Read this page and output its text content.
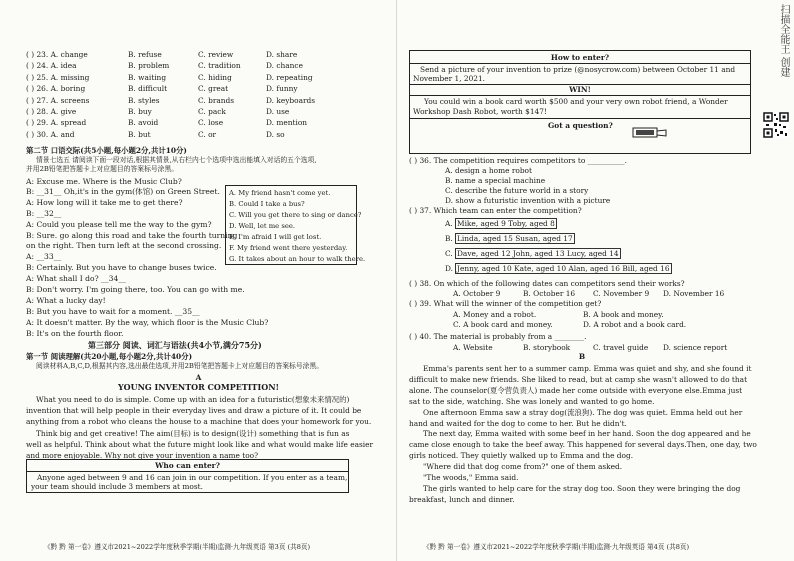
( ) 23. A. change	B. refuse	C. review	D. share
( ) 24. A. idea	B. problem	C. tradition	D. chance
( ) 25. A. missing	B. waiting	C. hiding	D. repeating
( ) 26. A. boring	B. difficult	C. great	D. funny
( ) 27. A. screens	B. styles	C. brands	D. keyboards
( ) 28. A. give	B. buy	C. pack	D. use
( ) 29. A. spread	B. avoid	C. lose	D. mention
( ) 30. A. and	B. but	C. or	D. so
第二节 口语交际(共5小题,每小题2分,共计10分)
情景七选五 请阅读下面一段对话,根据其情景,从右栏内七个选项中选出能填入对话的五个选项,
并用2B铅笔把答题卡上对应题目的答案标号涂黑。
A: Excuse me. Where is the Music Club?
B: __31__ Oh,it's in the gym(体馆) on Green Street.
A: How long will it take me to get there?
B: __32__
A: Could you please tell me the way to the gym?
B: Sure. go along this road and take the fourth turning
on the right. Then turn left at the second crossing.
A: __33__
B: Certainly. But you have to change buses twice.
A: What shall I do? __34__
B: Don't worry. I'm going there, too. You can go with me.
A: What a lucky day!
B: But you have to wait for a moment. __35__
A: It doesn't matter. By the way, which floor is the Music Club?
B: It's on the fourth floor.
A. My friend hasn't come yet.
B. Could I take a bus?
C. Will you get there to sing or dance?
D. Well, let me see.
E. I'm afraid I will get lost.
F. My friend went there yesterday.
G. It takes about an hour to walk there.
第三部分 阅读、词汇与语法(共4小节,满分75分)
第一节 阅读理解(共20小题,每小题2分,共计40分)
阅读材料A,B,C,D,根据其内容,选出最佳选项,并用2B铅笔把答题卡上对应题目的答案标号涂黑。
A
YOUNG INVENTOR COMPETITION!
What you need to do is simple. Come up with an idea for a futuristic(想象未来情况的)
invention that will help people in their everyday lives and draw a picture of it. It could be
anything from a robot who cleans the house to a machine that does your homework for you.
Think big and get creative! The aim(目标) is to design(设计) something that is fun as
well as helpful. Think about what the future might look like and what would make life easier
and more enjoyable. Why not give your invention a name too?
Who can enter?
Anyone aged between 9 and 16 can join in our competition. If you enter as a team,
your team should include 3 members at most.
《黔 黔 第一卷》遵义市2021~2022学年度秋季学期(半期)监测·九年级英语 第3页 (共8页)
How to enter?
Send a picture of your invention to prize (@nosycrow.com) between October 11 and
November 1, 2021.
WIN!
You could win a book card worth $500 and your very own robot friend, a Wonder
Workshop Dash Robot, worth $147!
Got a question?
( ) 36. The competition requires competitors to __________.
A. design a home robot
B. name a special machine
C. describe the future world in a story
D. show a futuristic invention with a picture
( ) 37. Which team can enter the competition?
A. Mike, aged 9 Toby, aged 8
B. Linda, aged 15 Susan, aged 17
C. Dave, aged 12 John, aged 13 Lucy, aged 14
D. Jenny, aged 10 Kate, aged 10 Alan, aged 16 Bill, aged 16
( ) 38. On which of the following dates can competitors send their works?
A. October 9	B. October 16 C. November 9 D. November 16
( ) 39. What will the winner of the competition get?
A. Money and a robot.	B. A book and money.
C. A book card and money.	D. A robot and a book card.
( ) 40. The material is probably from a ________.
A. Website	B. storybook	C. travel guide D. science report
B
Emma's parents sent her to a summer camp. Emma was quiet and shy, and she found it
difficult to make new friends. She liked to read, but at camp she wasn't allowed to do that
alone. The counselor(夏令营负责人) made her come outside with everyone else.Emma just
sat to the side, watching. She was lonely and wanted to go home.
One afternoon Emma saw a stray dog(流浪狗). The dog was quiet. Emma held out her
hand and waited for the dog to come to her. But he didn't.
The next day, Emma waited with some beef in her hand. Soon the dog appeared and he
came close enough to take the beef away. This happened for several days.Then, one day, two
girls noticed. They quietly walked up to Emma and the dog.
"Where did that dog come from?" one of them asked.
"The woods," Emma said.
The girls wanted to help care for the stray dog too. Soon they were bringing the dog
breakfast, lunch and dinner.
《黔 黔 第一卷》遵义市2021~2022学年度秋季学期(半期)监测·九年级英语 第4页 (共8页)
扫描全能王 创建
